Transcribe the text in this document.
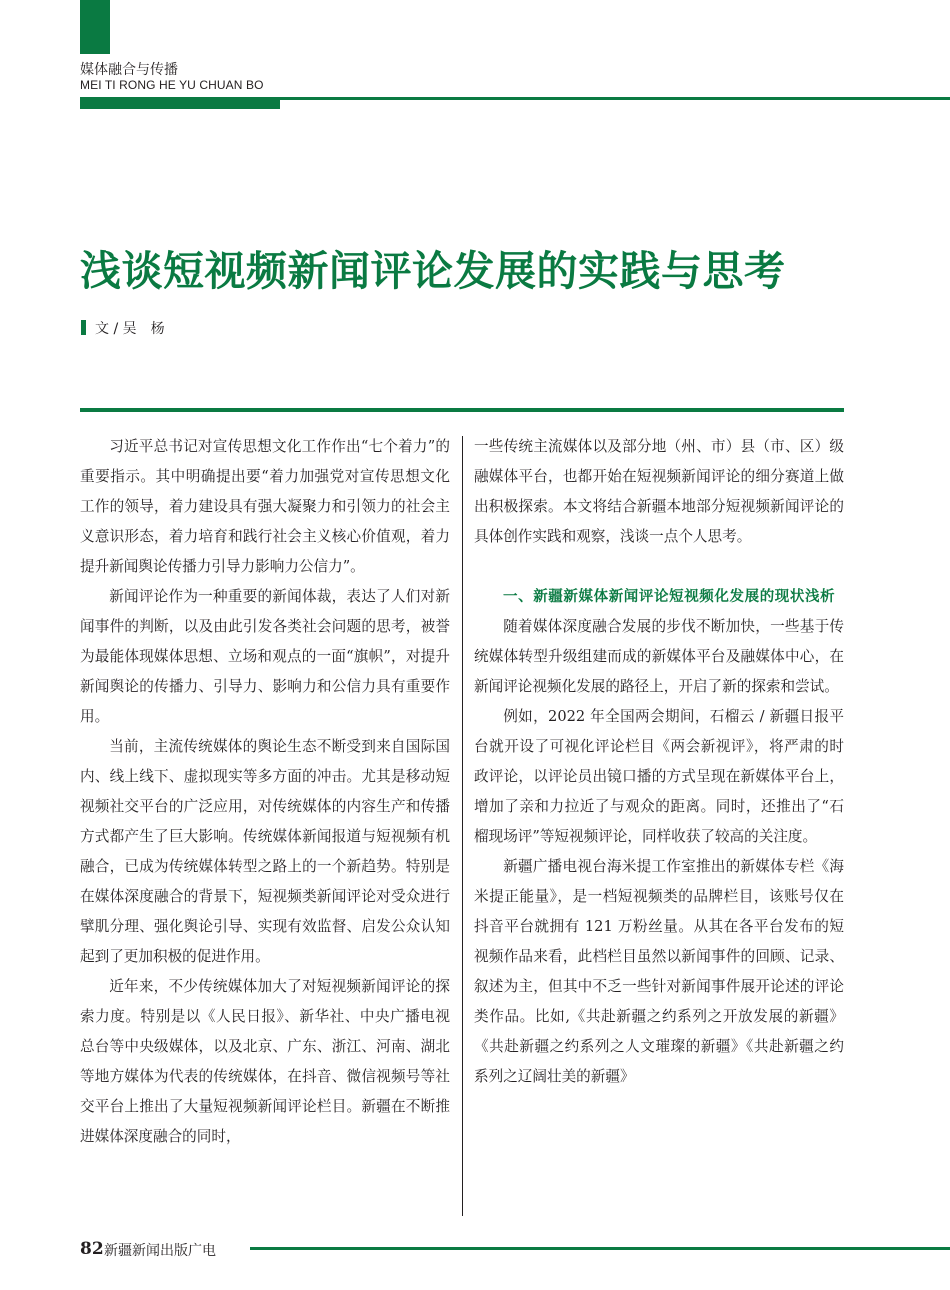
媒体融合与传播
MEI TI RONG HE YU CHUAN BO
浅谈短视频新闻评论发展的实践与思考
文 / 吴　杨

习近平总书记对宣传思想文化工作作出“七个着力”的重要指示。其中明确提出要“着力加强党对宣传思想文化工作的领导，着力建设具有强大凝聚力和引领力的社会主义意识形态，着力培育和践行社会主义核心价值观，着力提升新闻舆论传播力引导力影响力公信力”。

新闻评论作为一种重要的新闻体裁，表达了人们对新闻事件的判断，以及由此引发各类社会问题的思考，被誉为最能体现媒体思想、立场和观点的一面“旗帜”，对提升新闻舆论的传播力、引导力、影响力和公信力具有重要作用。

当前，主流传统媒体的舆论生态不断受到来自国际国内、线上线下、虚拟现实等多方面的冲击。尤其是移动短视频社交平台的广泛应用，对传统媒体的内容生产和传播方式都产生了巨大影响。传统媒体新闻报道与短视频有机融合，已成为传统媒体转型之路上的一个新趋势。特别是在媒体深度融合的背景下，短视频类新闻评论对受众进行擘肌分理、强化舆论引导、实现有效监督、启发公众认知起到了更加积极的促进作用。

近年来，不少传统媒体加大了对短视频新闻评论的探索力度。特别是以《人民日报》、新华社、中央广播电视总台等中央级媒体，以及北京、广东、浙江、河南、湖北等地方媒体为代表的传统媒体，在抖音、微信视频号等社交平台上推出了大量短视频新闻评论栏目。新疆在不断推进媒体深度融合的同时，

一些传统主流媒体以及部分地（州、市）县（市、区）级融媒体平台，也都开始在短视频新闻评论的细分赛道上做出积极探索。本文将结合新疆本地部分短视频新闻评论的具体创作实践和观察，浅谈一点个人思考。

一、新疆新媒体新闻评论短视频化发展的现状浅析

随着媒体深度融合发展的步伐不断加快，一些基于传统媒体转型升级组建而成的新媒体平台及融媒体中心，在新闻评论视频化发展的路径上，开启了新的探索和尝试。

例如，2022 年全国两会期间，石榴云 / 新疆日报平台就开设了可视化评论栏目《两会新视评》，将严肃的时政评论，以评论员出镜口播的方式呈现在新媒体平台上，增加了亲和力拉近了与观众的距离。同时，还推出了“石榴现场评”等短视频评论，同样收获了较高的关注度。

新疆广播电视台海米提工作室推出的新媒体专栏《海米提正能量》，是一档短视频类的品牌栏目，该账号仅在抖音平台就拥有 121 万粉丝量。从其在各平台发布的短视频作品来看，此档栏目虽然以新闻事件的回顾、记录、叙述为主，但其中不乏一些针对新闻事件展开论述的评论类作品。比如,《共赴新疆之约系列之开放发展的新疆》《共赴新疆之约系列之人文璀璨的新疆》《共赴新疆之约系列之辽阔壮美的新疆》

82 新疆新闻出版广电
